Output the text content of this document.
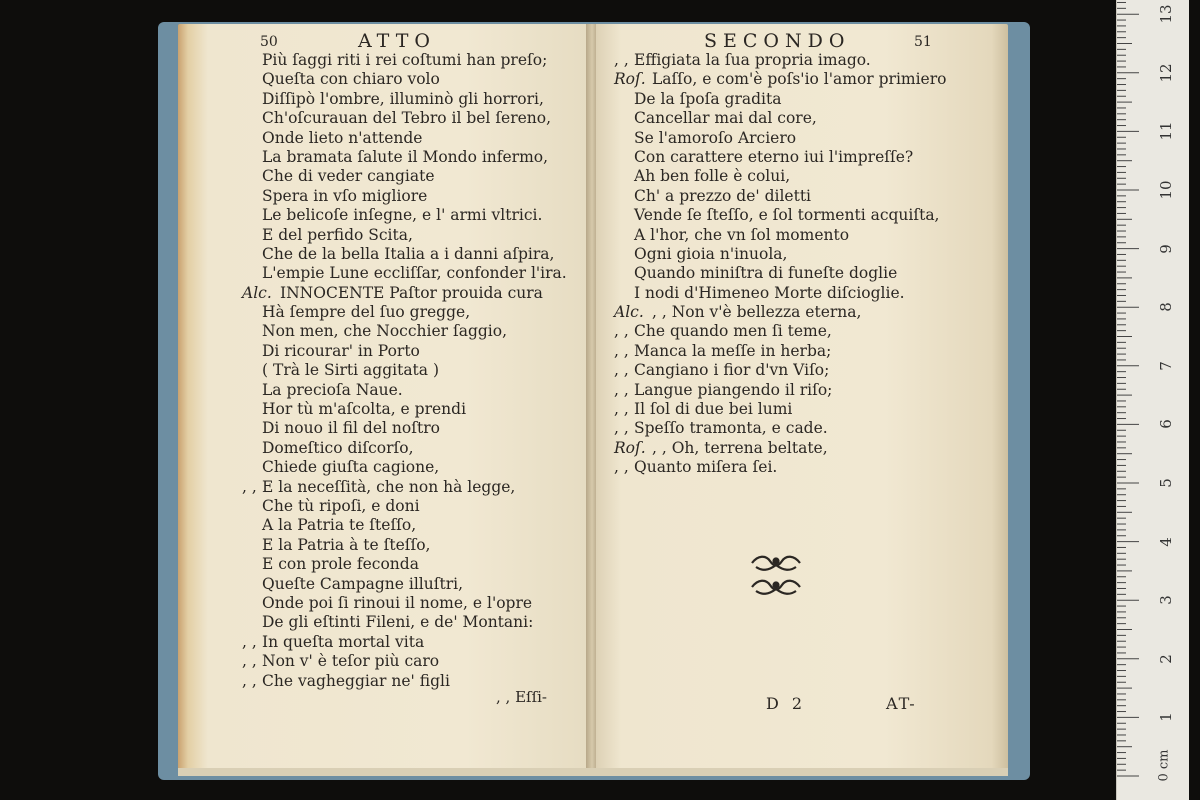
50	ATTO
Più ſaggi riti i rei coſtumi han preſo;
Queſta con chiaro volo
Diſſipò l'ombre, illuminò gli horrori,
Ch'oſcurauan del Tebro il bel ſereno,
Onde lieto n'attende
La bramata ſalute il Mondo infermo,
Che di veder cangiate
Spera in vſo migliore
Le belicoſe inſegne, e l' armi vltrici.
E del perfido Scita,
Che de la bella Italia a i danni aſpira,
L'empie Lune eccliſſar, confonder l'ira.
Alc. INNOCENTE Paſtor prouida cura
Hà ſempre del ſuo gregge,
Non men, che Nocchier ſaggio,
Di ricourar' in Porto
( Trà le Sirti aggitata )
La precioſa Naue.
Hor tù m'aſcolta, e prendi
Di nouo il fil del noſtro
Domeſtico diſcorſo,
Chiede giuſta cagione,
, , E la neceſſità, che non hà legge,
Che tù ripoſi, e doni
A la Patria te ſteſſo,
E la Patria à te ſteſſo,
E con prole feconda
Queſte Campagne illuſtri,
Onde poi ſi rinoui il nome, e l'opre
De gli eſtinti Fileni, e de' Montani:
, , In queſta mortal vita
, , Non v' è teſor più caro
, , Che vagheggiar ne' figli
, , Eſſi-
SECONDO	51
, , Effigiata la ſua propria imago.
Roſ. Laſſo, e com'è poſs'io l'amor primiero
De la ſpoſa gradita
Cancellar mai dal core,
Se l'amoroſo Arciero
Con carattere eterno iui l'impreſſe?
Ah ben folle è colui,
Ch' a prezzo de' diletti
Vende ſe ſteſſo, e ſol tormenti acquiſta,
A l'hor, che vn ſol momento
Ogni gioia n'inuola,
Quando miniſtra di funeſte doglie
I nodi d'Himeneo Morte diſcioglie.
Alc. , , Non v'è bellezza eterna,
, , Che quando men ſi teme,
, , Manca la meſſe in herba;
, , Cangiano i fior d'vn Viſo;
, , Langue piangendo il riſo;
, , Il ſol di due bei lumi
, , Speſſo tramonta, e cade.
Roſ. , , Oh, terrena beltate,
, , Quanto miſera ſei.
D 2	AT-
13
12
11
10
9
8
7
6
5
4
3
2
1
0 cm
